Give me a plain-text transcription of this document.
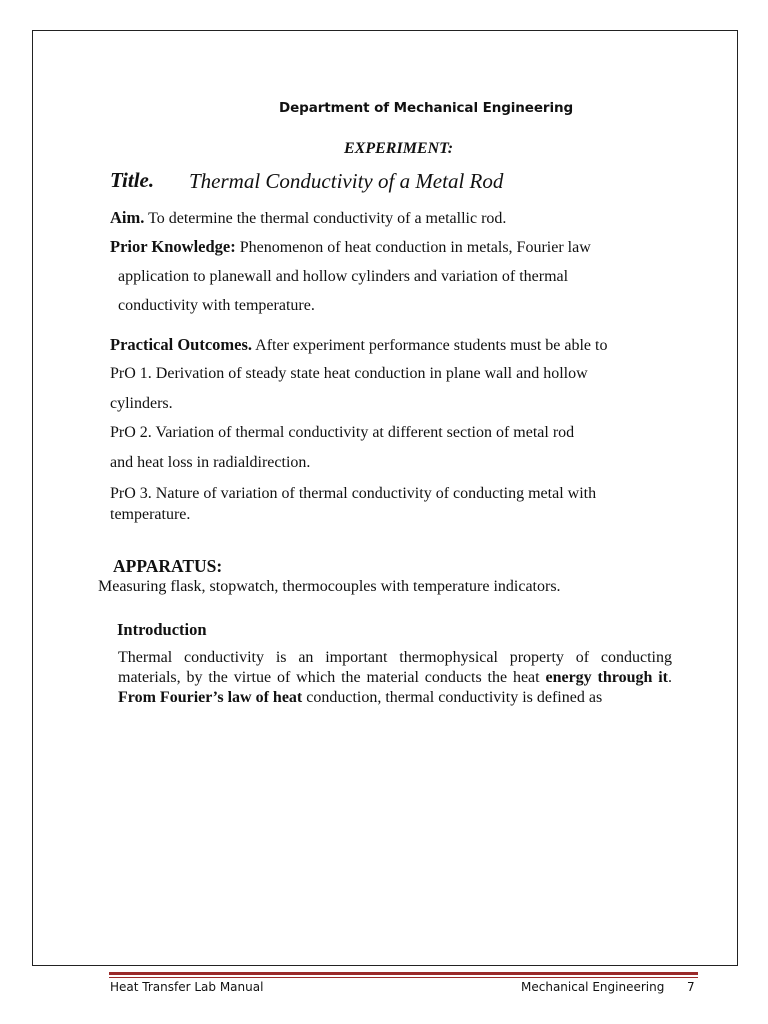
Department of Mechanical Engineering
EXPERIMENT:
Title. Thermal Conductivity of a Metal Rod
Aim. To determine the thermal conductivity of a metallic rod.
Prior Knowledge: Phenomenon of heat conduction in metals, Fourier law
application to planewall and hollow cylinders and variation of thermal
conductivity with temperature.
Practical Outcomes. After experiment performance students must be able to
PrO 1. Derivation of steady state heat conduction in plane wall and hollow
cylinders.
PrO 2. Variation of thermal conductivity at different section of metal rod
and heat loss in radialdirection.
PrO 3. Nature of variation of thermal conductivity of conducting metal with
temperature.
APPARATUS:
Measuring flask, stopwatch, thermocouples with temperature indicators.
Introduction
Thermal conductivity is an important thermophysical property of conducting materials, by the virtue of which the material conducts the heat energy through it. From Fourier’s law of heat conduction, thermal conductivity is defined as
Heat Transfer Lab Manual	Mechanical Engineering 7
